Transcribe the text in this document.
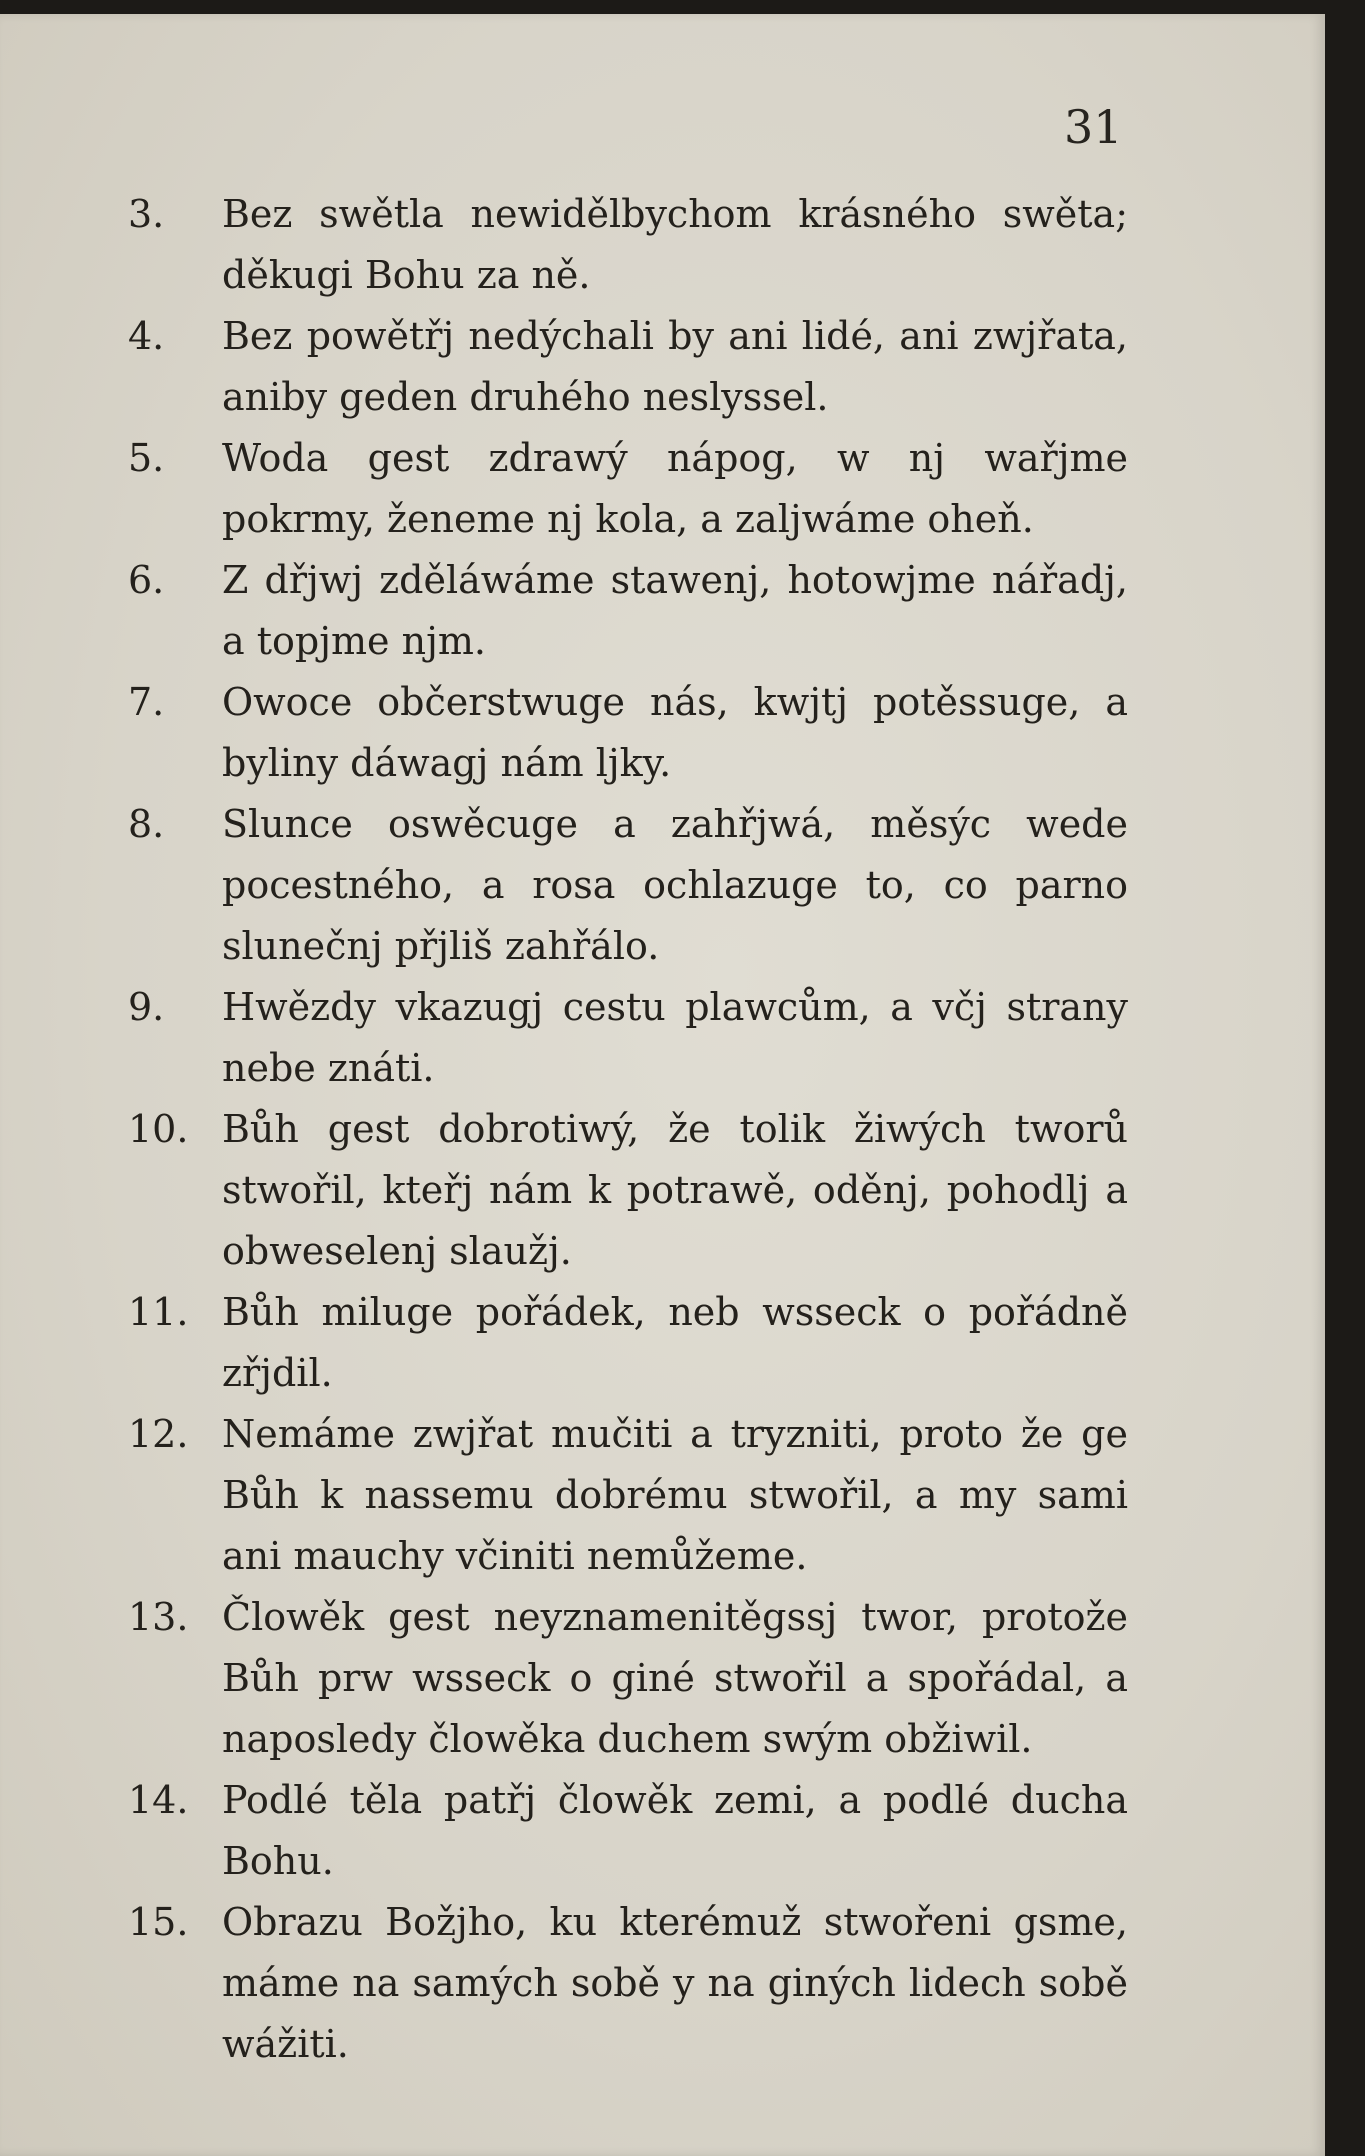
31

3. Bez swětla newidělbychom krásného swěta; děkugi Bohu za ně.

4. Bez powětřj nedýchali by ani lidé, ani zwjřata, aniby geden druhého neslyssel.

5. Woda gest zdrawý nápog, w nj wařjme pokrmy, ženeme nj kola, a zaljwáme oheň.

6. Z dřjwj zděláwáme stawenj, hotowjme nářadj, a topjme njm.

7. Owoce občerstwuge nás, kwjtj potěssuge, a byliny dáwagj nám ljky.

8. Slunce oswěcuge a zahřjwá, měsýc wede pocestného, a rosa ochlazuge to, co parno slunečnj přjliš zahřálo.

9. Hwězdy vkazugj cestu plawcům, a včj strany nebe znáti.

10. Bůh gest dobrotiwý, že tolik žiwých tworů stwořil, kteřj nám k potrawě, oděnj, pohodlj a obweselenj slaužj.

11. Bůh miluge pořádek, neb wsseck o pořádně zřjdil.

12. Nemáme zwjřat mučiti a tryzniti, proto že ge Bůh k nassemu dobrému stwořil, a my sami ani mauchy včiniti nemůžeme.

13. Člowěk gest neyznamenitěgssj twor, protože Bůh prw wsseck o giné stwořil a spořádal, a naposledy člowěka duchem swým obžiwil.

14. Podlé těla patřj člowěk zemi, a podlé ducha Bohu.

15. Obrazu Božjho, ku kterémuž stwořeni gsme, máme na samých sobě y na giných lidech sobě wážiti.
